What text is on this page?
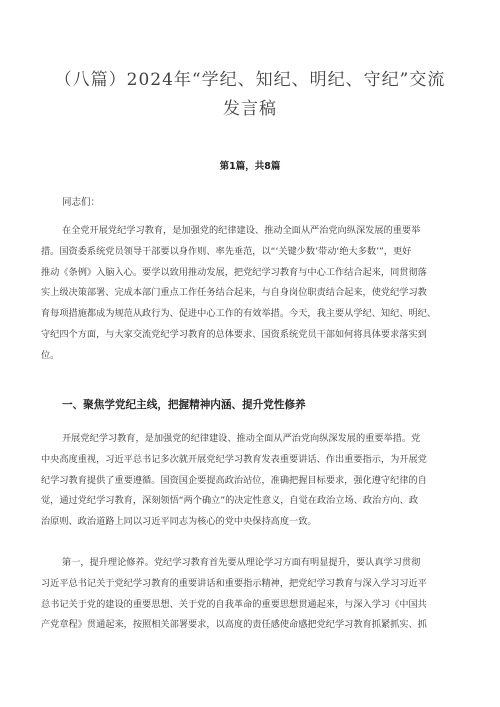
（八篇）2024年“学纪、知纪、明纪、守纪”交流
发言稿
第1篇，共8篇
同志们：
在全党开展党纪学习教育，是加强党的纪律建设、推动全面从严治党向纵深发展的重要举
措。国资委系统党员领导干部要以身作则、率先垂范，以“‘关键少数’带动‘绝大多数’”，更好
推动《条例》入脑入心。要学以致用推动发展，把党纪学习教育与中心工作结合起来，同贯彻落
实上级决策部署、完成本部门重点工作任务结合起来，与自身岗位职责结合起来，使党纪学习教
育每项措施都成为规范从政行为、促进中心工作的有效举措。今天，我主要从学纪、知纪、明纪、
守纪四个方面，与大家交流党纪学习教育的总体要求、国资系统党员干部如何将具体要求落实到
位。
一、聚焦学党纪主线，把握精神内涵、提升党性修养
开展党纪学习教育，是加强党的纪律建设、推动全面从严治党向纵深发展的重要举措。党
中央高度重视，习近平总书记多次就开展党纪学习教育发表重要讲话、作出重要指示，为开展党
纪学习教育提供了重要遵循。国资国企要提高政治站位，准确把握目标要求，强化遵守纪律的自
觉，通过党纪学习教育，深刻领悟“两个确立”的决定性意义，自觉在政治立场、政治方向、政
治原则、政治道路上同以习近平同志为核心的党中央保持高度一致。
第一，提升理论修养。党纪学习教育首先要从理论学习方面有明显提升，要认真学习贯彻
习近平总书记关于党纪学习教育的重要讲话和重要指示精神，把党纪学习教育与深入学习习近平
总书记关于党的建设的重要思想、关于党的自我革命的重要思想贯通起来，与深入学习《中国共
产党章程》贯通起来，按照相关部署要求，以高度的责任感使命感把党纪学习教育抓紧抓实、抓
